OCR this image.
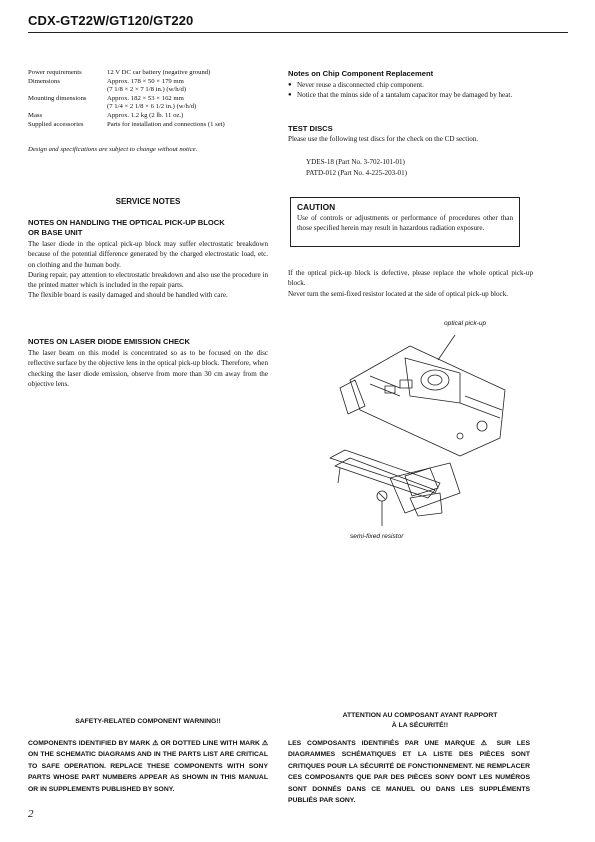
CDX-GT22W/GT120/GT220
Power requirements	12 V DC car battery (negative ground)
Dimensions	Approx. 178 × 50 × 179 mm
(7 1/8 × 2 × 7 1/8 in.) (w/h/d)
Mounting dimensions	Approx. 182 × 53 × 162 mm
(7 1/4 × 2 1/8 × 6 1/2 in.) (w/h/d)
Mass	Approx. 1.2 kg (2 lb. 11 oz.)
Supplied accessories	Parts for installation and connections (1 set)
Design and specifications are subject to change without notice.
SERVICE NOTES
NOTES ON HANDLING THE OPTICAL PICK-UP BLOCK
OR BASE UNIT

The laser diode in the optical pick-up block may suffer electrostatic breakdown because of the potential difference generated by the charged electrostatic load, etc. on clothing and the human body.

During repair, pay attention to electrostatic breakdown and also use the procedure in the printed matter which is included in the repair parts.

The flexible board is easily damaged and should be handled with care.

NOTES ON LASER DIODE EMISSION CHECK

The laser beam on this model is concentrated so as to be focused on the disc reflective surface by the objective lens in the optical pick-up block. Therefore, when checking the laser diode emission, observe from more than 30 cm away from the objective lens.

Notes on Chip Component Replacement
● Never reuse a disconnected chip component.
● Notice that the minus side of a tantalum capacitor may be damaged by heat.
TEST DISCS
Please use the following test discs for the check on the CD section.
YDES-18 (Part No. 3-702-101-01)
PATD-012 (Part No. 4-225-203-01)
CAUTION
Use of controls or adjustments or performance of procedures other than those specified herein may result in hazardous radiation exposure.

If the optical pick-up block is defective, please replace the whole optical pick-up block.

Never turn the semi-fixed resistor located at the side of optical pick-up block.

optical pick-up
semi-fixed resistor
SAFETY-RELATED COMPONENT WARNING!!
COMPONENTS IDENTIFIED BY MARK ⚠ OR DOTTED LINE WITH MARK ⚠ ON THE SCHEMATIC DIAGRAMS AND IN THE PARTS LIST ARE CRITICAL TO SAFE OPERATION. REPLACE THESE COMPONENTS WITH SONY PARTS WHOSE PART NUMBERS APPEAR AS SHOWN IN THIS MANUAL OR IN SUPPLEMENTS PUBLISHED BY SONY.
ATTENTION AU COMPOSANT AYANT RAPPORT
À LA SÉCURITÉ!!
LES COMPOSANTS IDENTIFIÉS PAR UNE MARQUE ⚠ SUR LES DIAGRAMMES SCHÉMATIQUES ET LA LISTE DES PIÈCES SONT CRITIQUES POUR LA SÉCURITÉ DE FONCTIONNEMENT. NE REMPLACER CES COMPOSANTS QUE PAR DES PIÈCES SONY DONT LES NUMÉROS SONT DONNÉS DANS CE MANUEL OU DANS LES SUPPLÉMENTS PUBLIÉS PAR SONY.
2
